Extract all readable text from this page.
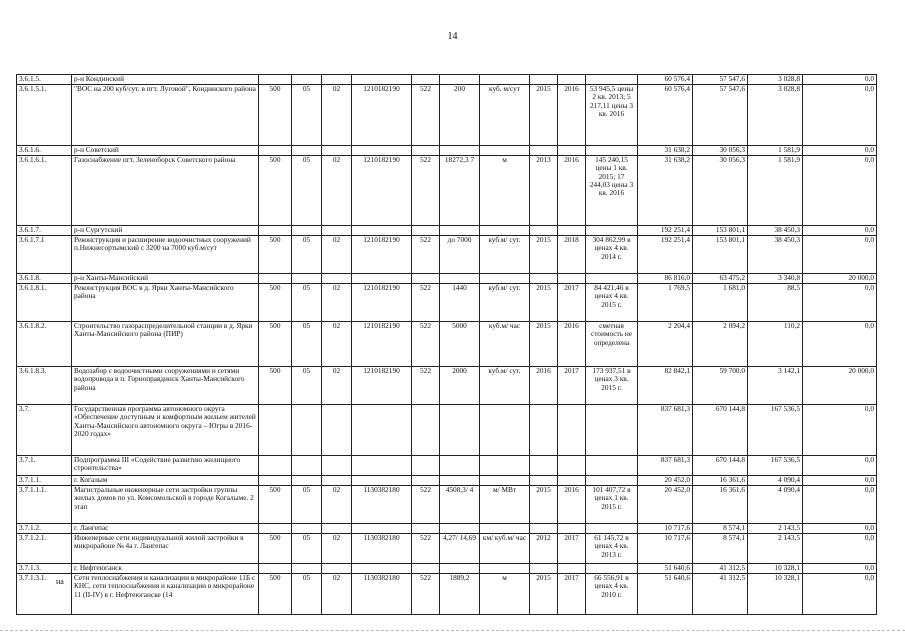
14
3.6.1.5.	р-н Кондинский											60 576,4	57 547,6	3 028,8	0,0
3.6.1.5.1.	"ВОС на 200 куб/сут. в пгт. Луговой", Кондинского района	500	05	02	1210182190	522	200	куб. м/сут	2015	2016	53 945,5 цены 2 кв. 2013; 5 217,11 цены 3 кв. 2016	60 576,4	57 547,6	3 028,8	0,0
3.6.1.6.	р-н Советский											31 638,2	30 056,3	1 581,9	0,0
3.6.1.6.1.	Газоснабжение пгт. Зеленоборск Советского района	500	05	02	1210182190	522	18272,3 7	м	2013	2016	145 240,15 цены 1 кв. 2015; 17 244,03 цены 3 кв. 2016	31 638,2	30 056,3	1 581,9	0,0
3.6.1.7.	р-н Сургутский											192 251,4	153 801,1	38 450,3	0,0
3.6.1.7.1	Реконструкция и расширение водоочистных сооружений п.Нижнесортымский с 3200 на 7000 куб.м/сут	500	05	02	1210182190	522	до 7000	куб.м/ сут.	2015	2018	304 862,99 в ценах 4 кв. 2014 г.	192 251,4	153 801,1	38 450,3	0,0
3.6.1.8.	р-н Ханты-Мансийский											86 816,0	63 475,2	3 340,8	20 000,0
3.6.1.8.1.	Реконструкция ВОС в д. Ярки Ханты-Мансийского района	500	05	02	1210182190	522	1440	куб.м/ сут.	2015	2017	84 421,46 в ценах 4 кв. 2015 г.	1 769,5	1 681,0	88,5	0,0
3.6.1.8.2.	Строительство газораспределительной станции в д. Ярки Ханты-Мансийского района (ПИР)	500	05	02	1210182190	522	5000	куб.м/ час	2015	2016	сметная стоимость не определена	2 204,4	2 094,2	110,2	0,0
3.6.1.8.3.	Водозабор с водоочистными сооружениями и сетями водопровода в п. Горноправдинск Ханты-Мансийского района	500	05	02	1210182190	522	2000	куб.м/ сут.	2016	2017	173 937,51 в ценах 3 кв. 2015 г.	82 842,1	59 700,0	3 142,1	20 000,0
3.7.	Государственная программа автономного округа «Обеспечение доступным и комфортным жильем жителей Ханты-Мансийского автономного округа – Югры в 2016-2020 годах»											837 681,3	670 144,8	167 536,5	0,0
3.7.1.	Подпрограмма III «Содействие развитию жилищного строительства»											837 681,3	670 144,8	167 536,5	0,0
3.7.1.1.	г. Когалым											20 452,0	16 361,6	4 090,4	0,0
3.7.1.1.1.	Магистральные инженерные сети застройки группы жилых домов по ул. Комсомольской в городе Когалыме. 2 этап	500	05	02	1130382180	522	4508,3/ 4	м/ МВт	2015	2016	101 407,72 в ценах 1 кв. 2015 г.	20 452,0	16 361,6	4 090,4	0,0
3.7.1.2.	г. Лангепас											10 717,6	8 574,1	2 143,5	0,0
3.7.1.2.1.	Инженерные сети индивидуальной жилой застройки в микрорайоне № 4а г. Лангепас	500	05	02	1130382180	522	4,27/ 14,69	км/ куб.м/ час	2012	2017	61 145,72 в ценах 4 кв. 2013 г.	10 717,6	8 574,1	2 143,5	0,0
3.7.1.3.	г. Нефтеюганск											51 640,6	41 312,5	10 328,1	0,0
3.7.1.3.1.	Сети теплоснабжения и канализации в микрорайоне 11Б с КНС, сети теплоснабжения и канализации в микрорайоне 11 (II-IV) в г. Нефтеюганске (14	500	05	02	1130382180	522	1889,2	м	2015	2017	66 556,91 в ценах 4 кв. 2010 г.	51 640,6	41 312,5	10 328,1	0,0
на
